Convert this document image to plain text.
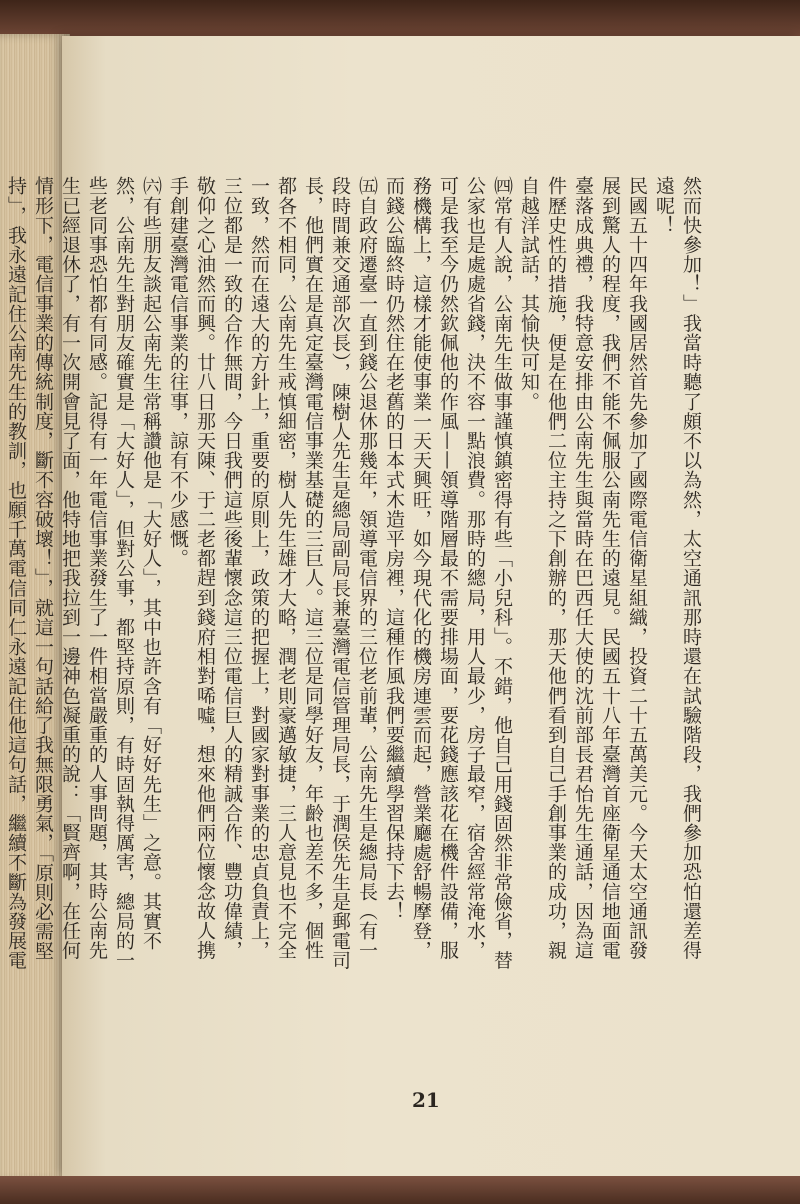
然而快參加！」我當時聽了頗不以為然，太空通訊那時還在試驗階段，我們參加恐怕還差得遠呢！

民國五十四年我國居然首先參加了國際電信衛星組織，投資二十五萬美元。今天太空通訊發展到驚人的程度，我們不能不佩服公南先生的遠見。民國五十八年臺灣首座衛星通信地面電臺落成典禮，我特意安排由公南先生與當時在巴西任大使的沈前部長君怡先生通話，因為這件歷史性的措施，便是在他們二位主持之下創辦的，那天他們看到自己手創事業的成功，親自越洋試話，其愉快可知。

㈣常有人說，公南先生做事謹慎鎮密得有些「小兒科」。不錯，他自己用錢固然非常儉省，替公家也是處處省錢，決不容一點浪費。那時的總局，用人最少，房子最窄，宿舍經常淹水，可是我至今仍然欽佩他的作風——領導階層最不需要排場面，要花錢應該花在機件設備，服務機構上，這樣才能使事業一天天興旺，如今現代化的機房連雲而起，營業廳處舒暢摩登，而錢公臨終時仍然住在老舊的日本式木造平房裡，這種作風我們要繼續學習保持下去！

㈤自政府遷臺一直到錢公退休那幾年，領導電信界的三位老前輩，公南先生是總局長（有一段時間兼交通部次長），陳樹人先生是總局副局長兼臺灣電信管理局長，于潤侯先生是郵電司長，他們實在是真定臺灣電信事業基礎的三巨人。這三位是同學好友，年齡也差不多，個性都各不相同，公南先生戒慎細密，樹人先生雄才大略，潤老則豪邁敏捷，三人意見也不完全一致，然而在遠大的方針上，重要的原則上，政策的把握上，對國家對事業的忠貞負責上，三位都是一致的合作無間，今日我們這些後輩懷念這三位電信巨人的精誠合作、豐功偉績，敬仰之心油然而興。廿八日那天陳、于二老都趕到錢府相對唏噓，想來他們兩位懷念故人携手創建臺灣電信事業的往事，諒有不少感慨。

㈥有些朋友談起公南先生常稱讚他是「大好人」，其中也許含有「好好先生」之意。其實不然，公南先生對朋友確實是「大好人」，但對公事，都堅持原則，有時固執得厲害，總局的一些老同事恐怕都有同感。記得有一年電信事業發生了一件相當嚴重的人事問題，其時公南先生已經退休了，有一次開會見了面，他特地把我拉到一邊神色凝重的說：「賢齊啊，在任何情形下，電信事業的傳統制度，斷不容破壞！」，就這一句話給了我無限勇氣，「原則必需堅持」，我永遠記住公南先生的教訓，也願千萬電信同仁永遠記住他這句話，繼續不斷為發展電

21
